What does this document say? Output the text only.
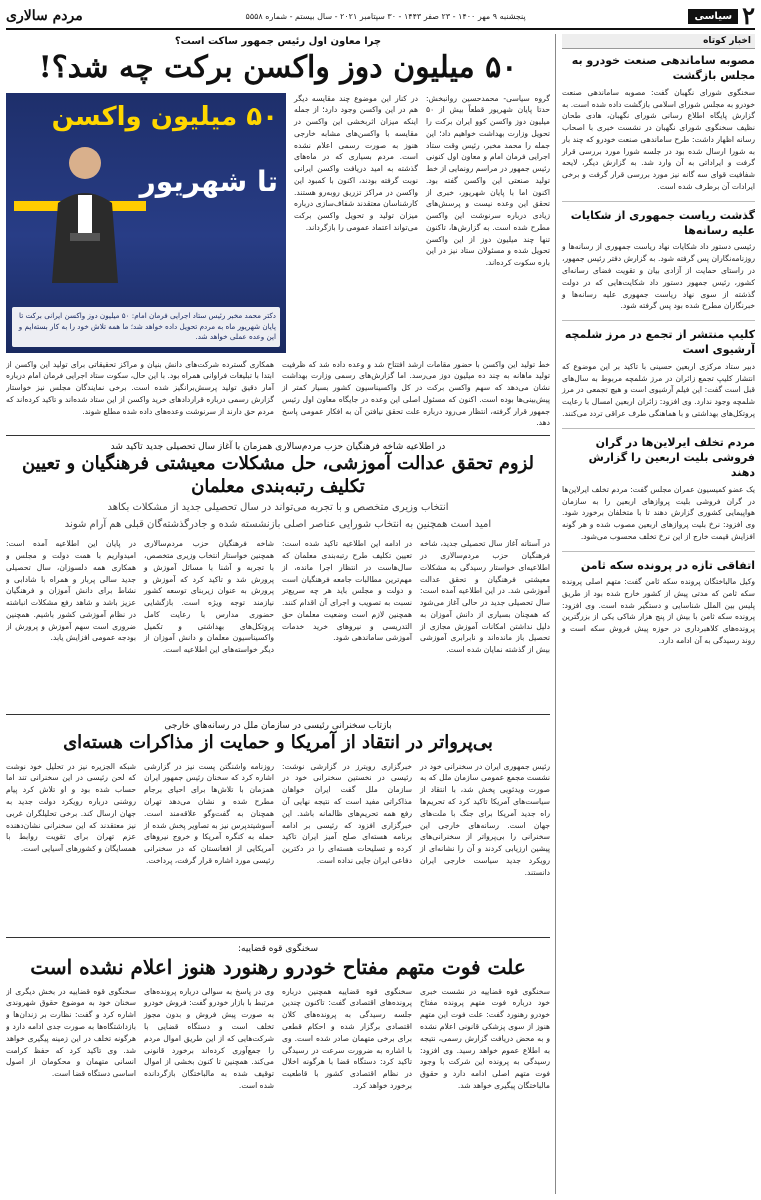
۲
سیاسی
پنجشنبه ۹ مهر ۱۴۰۰ - ۲۳ صفر ۱۴۴۳ - ۳۰ سپتامبر ۲۰۲۱ - سال بیستم - شماره ۵۵۵۸
مردم سالاری
اخبار کوتاه
مصوبه ساماندهی صنعت خودرو به مجلس بازگشت
سخنگوی شورای نگهبان گفت: مصوبه ساماندهی صنعت خودرو به مجلس شورای اسلامی بازگشت داده شده است. به گزارش پایگاه اطلاع رسانی شورای نگهبان، هادی طحان نظیف سخنگوی شورای نگهبان در نشست خبری با اصحاب رسانه اظهار داشت: طرح ساماندهی صنعت خودرو که چند بار به شورا ارسال شده بود در جلسه شورا مورد بررسی قرار گرفت و ایراداتی به آن وارد شد. به گزارش دیگر، لایحه شفافیت قوای سه گانه نیز مورد بررسی قرار گرفت و برخی ایرادات آن برطرف شده است.
گذشت ریاست جمهوری از شکایات علیه رسانه‌ها
رئیسی دستور داد شکایات نهاد ریاست جمهوری از رسانه‌ها و روزنامه‌نگاران پس گرفته شود. به گزارش دفتر رئیس جمهور، در راستای حمایت از آزادی بیان و تقویت فضای رسانه‌ای کشور، رئیس جمهور دستور داد شکایت‌هایی که در دولت گذشته از سوی نهاد ریاست جمهوری علیه رسانه‌ها و خبرنگاران مطرح شده بود پس گرفته شود.
کلیپ منتشر از تجمع در مرز شلمچه آرشیوی است
دبیر ستاد مرکزی اربعین حسینی با تاکید بر این موضوع که انتشار کلیپ تجمع زائران در مرز شلمچه مربوط به سال‌های قبل است گفت: این فیلم آرشیوی است و هیچ تجمعی در مرز شلمچه وجود ندارد. وی افزود: زائران اربعین امسال با رعایت پروتکل‌های بهداشتی و با هماهنگی طرف عراقی تردد می‌کنند.
مردم تخلف ایرلاین‌ها در گران فروشی بلیت اربعین را گزارش دهند
یک عضو کمیسیون عمران مجلس گفت: مردم تخلف ایرلاین‌ها در گران فروشی بلیت پروازهای اربعین را به سازمان هواپیمایی کشوری گزارش دهند تا با متخلفان برخورد شود. وی افزود: نرخ بلیت پروازهای اربعین مصوب شده و هر گونه افزایش قیمت خارج از این نرخ تخلف محسوب می‌شود.
اتفاقی تازه در پرونده سکه ثامن
وکیل مالباختگان پرونده سکه ثامن گفت: متهم اصلی پرونده سکه ثامن که مدتی پیش از کشور خارج شده بود از طریق پلیس بین الملل شناسایی و دستگیر شده است. وی افزود: پرونده سکه ثامن با بیش از پنج هزار شاکی یکی از بزرگترین پرونده‌های کلاهبرداری در حوزه پیش فروش سکه است و روند رسیدگی به آن ادامه دارد.
چرا معاون اول رئیس جمهور ساکت است؟
۵۰ میلیون دوز واکسن برکت چه شد؟!
گروه سیاسی- محمدحسین روانبخش: حدتا پایان شهریور قطعاً بیش از ۵۰ میلیون دوز واکسن کوو ایران برکت را تحویل وزارت بهداشت خواهیم داد؛ این جمله را محمد مخبر، رئیس وقت ستاد اجرایی فرمان امام و معاون اول کنونی رئیس جمهور در مراسم رونمایی از خط تولید صنعتی این واکسن گفته بود. اکنون اما با پایان شهریور، خبری از تحقق این وعده نیست و پرسش‌های زیادی درباره سرنوشت این واکسن مطرح شده است. به گزارش‌ها، تاکنون تنها چند میلیون دوز از این واکسن تحویل شده و مسئولان ستاد نیز در این باره سکوت کرده‌اند.
در کنار این موضوع چند مقایسه دیگر هم در این واکسن وجود دارد؛ از جمله اینکه میزان اثربخشی این واکسن در مقایسه با واکسن‌های مشابه خارجی هنوز به صورت رسمی اعلام نشده است. مردم بسیاری که در ماه‌های گذشته به امید دریافت واکسن ایرانی نوبت گرفته بودند، اکنون با کمبود این واکسن در مراکز تزریق روبه‌رو هستند. کارشناسان معتقدند شفاف‌سازی درباره میزان تولید و تحویل واکسن برکت می‌تواند اعتماد عمومی را بازگرداند.
۵۰ میلیون واکسن
تا شهریور
دکتر محمد مخبر رئیس ستاد اجرایی فرمان امام: ۵۰ میلیون دوز واکسن ایرانی برکت تا پایان شهریور ماه به مردم تحویل داده خواهد شد؛ ما همه تلاش خود را به کار بسته‌ایم و این وعده عملی خواهد شد.
خط تولید این واکسن با حضور مقامات ارشد افتتاح شد و وعده داده شد که ظرفیت تولید ماهانه به چند ده میلیون دوز می‌رسد. اما گزارش‌های رسمی وزارت بهداشت نشان می‌دهد که سهم واکسن برکت در کل واکسیناسیون کشور بسیار کمتر از پیش‌بینی‌ها بوده است. اکنون که مسئول اصلی این وعده در جایگاه معاون اول رئیس جمهور قرار گرفته، انتظار می‌رود درباره علت تحقق نیافتن آن به افکار عمومی پاسخ دهد.
همکاری گسترده شرکت‌های دانش بنیان و مراکز تحقیقاتی برای تولید این واکسن از ابتدا با تبلیغات فراوانی همراه بود. با این حال، سکوت ستاد اجرایی فرمان امام درباره آمار دقیق تولید پرسش‌برانگیز شده است. برخی نمایندگان مجلس نیز خواستار گزارش رسمی درباره قرارداد‌های خرید واکسن از این ستاد شده‌اند و تاکید کرده‌اند که مردم حق دارند از سرنوشت وعده‌های داده شده مطلع شوند.
در اطلاعیه شاخه فرهنگیان حزب مردم‌سالاری همزمان با آغاز سال تحصیلی جدید تاکید شد
لزوم تحقق عدالت آموزشی، حل مشکلات معیشتی فرهنگیان و تعیین تکلیف رتبه‌بندی معلمان
انتخاب وزیری متخصص و با تجربه می‌تواند در سال تحصیلی جدید از مشکلات بکاهد
امید است همچنین به انتخاب شورایی عناصر اصلی بازنشسته شده و جادرگذشته‌گان قبلی هم آرام شوند
در آستانه آغاز سال تحصیلی جدید، شاخه فرهنگیان حزب مردم‌سالاری در اطلاعیه‌ای خواستار رسیدگی به مشکلات معیشتی فرهنگیان و تحقق عدالت آموزشی شد. در این اطلاعیه آمده است: سال تحصیلی جدید در حالی آغاز می‌شود که همچنان بسیاری از دانش آموزان به دلیل نداشتن امکانات آموزش مجازی از تحصیل باز مانده‌اند و نابرابری آموزشی بیش از گذشته نمایان شده است.
در ادامه این اطلاعیه تاکید شده است: تعیین تکلیف طرح رتبه‌بندی معلمان که سال‌هاست در انتظار اجرا مانده، از مهم‌ترین مطالبات جامعه فرهنگیان است و دولت و مجلس باید هر چه سریع‌تر نسبت به تصویب و اجرای آن اقدام کنند. همچنین لازم است وضعیت معلمان حق التدریسی و نیروهای خرید خدمات آموزشی ساماندهی شود.
شاخه فرهنگیان حزب مردم‌سالاری همچنین خواستار انتخاب وزیری متخصص، با تجربه و آشنا با مسائل آموزش و پرورش شد و تاکید کرد که آموزش و پرورش به عنوان زیربنای توسعه کشور نیازمند توجه ویژه است. بازگشایی حضوری مدارس با رعایت کامل پروتکل‌های بهداشتی و تکمیل واکسیناسیون معلمان و دانش آموزان از دیگر خواسته‌های این اطلاعیه است.
در پایان این اطلاعیه آمده است: امیدواریم با همت دولت و مجلس و همکاری همه دلسوزان، سال تحصیلی جدید سالی پربار و همراه با شادابی و نشاط برای دانش آموزان و فرهنگیان عزیز باشد و شاهد رفع مشکلات انباشته در نظام آموزشی کشور باشیم. همچنین ضروری است سهم آموزش و پرورش از بودجه عمومی افزایش یابد.
بازتاب سخنرانی رئیسی در سازمان ملل در رسانه‌های خارجی
بی‌پرواتر در انتقاد از آمریکا و حمایت از مذاکرات هسته‌ای
رئیس جمهوری ایران در سخنرانی خود در نشست مجمع عمومی سازمان ملل که به صورت ویدئویی پخش شد، با انتقاد از سیاست‌های آمریکا تاکید کرد که تحریم‌ها راه جدید آمریکا برای جنگ با ملت‌های جهان است. رسانه‌های خارجی این سخنرانی را بی‌پرواتر از سخنرانی‌های پیشین ارزیابی کردند و آن را نشانه‌ای از رویکرد جدید سیاست خارجی ایران دانستند.
خبرگزاری رویترز در گزارشی نوشت: رئیسی در نخستین سخنرانی خود در سازمان ملل گفت ایران خواهان مذاکراتی مفید است که نتیجه نهایی آن رفع همه تحریم‌های ظالمانه باشد. این خبرگزاری افزود که رئیسی بر ادامه برنامه هسته‌ای صلح آمیز ایران تاکید کرده و تسلیحات هسته‌ای را در دکترین دفاعی ایران جایی نداده است.
روزنامه واشنگتن پست نیز در گزارشی اشاره کرد که سخنان رئیس جمهور ایران همزمان با تلاش‌ها برای احیای برجام مطرح شده و نشان می‌دهد تهران همچنان به گفت‌وگو علاقه‌مند است. آسوشیتدپرس نیز به تصاویر پخش شده از حمله به کنگره آمریکا و خروج نیروهای آمریکایی از افغانستان که در سخنرانی رئیسی مورد اشاره قرار گرفت، پرداخت.
شبکه الجزیره نیز در تحلیل خود نوشت که لحن رئیسی در این سخنرانی تند اما حساب شده بود و او تلاش کرد پیام روشنی درباره رویکرد دولت جدید به جهان ارسال کند. برخی تحلیلگران غربی نیز معتقدند که این سخنرانی نشان‌دهنده عزم تهران برای تقویت روابط با همسایگان و کشورهای آسیایی است.
سخنگوی قوه قضاییه:
علت فوت متهم مفتاح خودرو رهنورد هنوز اعلام نشده است
سخنگوی قوه قضاییه در نشست خبری خود درباره فوت متهم پرونده مفتاح خودرو رهنورد گفت: علت فوت این متهم هنوز از سوی پزشکی قانونی اعلام نشده و به محض دریافت گزارش رسمی، نتیجه به اطلاع عموم خواهد رسید. وی افزود: رسیدگی به پرونده این شرکت با وجود فوت متهم اصلی ادامه دارد و حقوق مالباختگان پیگیری خواهد شد.
سخنگوی قوه قضاییه همچنین درباره پرونده‌های اقتصادی گفت: تاکنون چندین جلسه رسیدگی به پرونده‌های کلان اقتصادی برگزار شده و احکام قطعی برای برخی متهمان صادر شده است. وی با اشاره به ضرورت سرعت در رسیدگی تاکید کرد: دستگاه قضا با هرگونه اخلال در نظام اقتصادی کشور با قاطعیت برخورد خواهد کرد.
وی در پاسخ به سوالی درباره پرونده‌های مرتبط با بازار خودرو گفت: فروش خودرو به صورت پیش فروش و بدون مجوز تخلف است و دستگاه قضایی با شرکت‌هایی که از این طریق اموال مردم را جمع‌آوری کرده‌اند برخورد قانونی می‌کند. همچنین تا کنون بخشی از اموال توقیف شده به مالباختگان بازگردانده شده است.
سخنگوی قوه قضاییه در بخش دیگری از سخنان خود به موضوع حقوق شهروندی اشاره کرد و گفت: نظارت بر زندان‌ها و بازداشتگاه‌ها به صورت جدی ادامه دارد و هرگونه تخلف در این زمینه پیگیری خواهد شد. وی تاکید کرد که حفظ کرامت انسانی متهمان و محکومان از اصول اساسی دستگاه قضا است.
